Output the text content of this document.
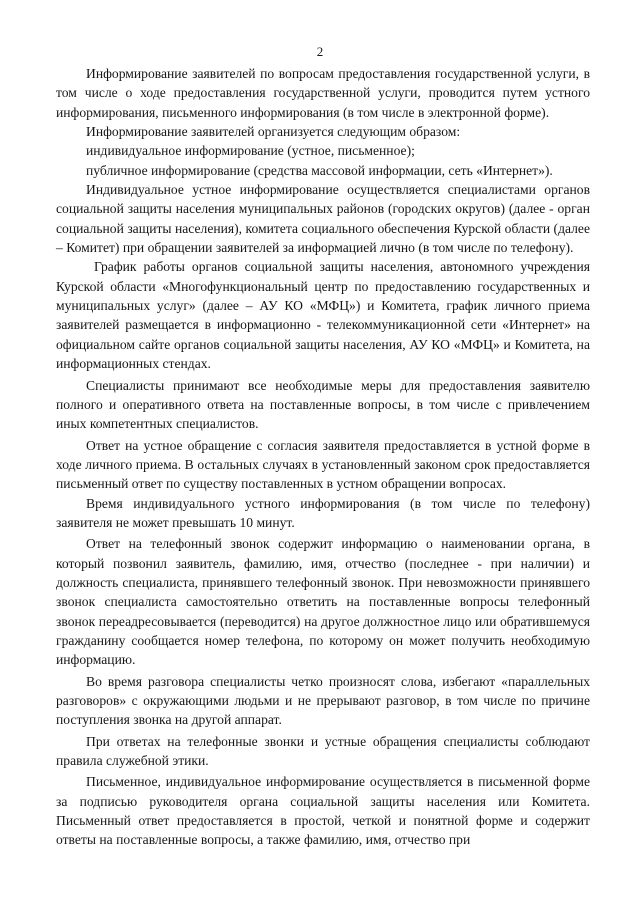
2

Информирование заявителей по вопросам предоставления государственной услуги, в том числе о ходе предоставления государственной услуги, проводится путем устного информирования, письменного информирования (в том числе в электронной форме).

Информирование заявителей организуется следующим образом:

индивидуальное информирование (устное, письменное);

публичное информирование (средства массовой информации, сеть «Интернет»).

Индивидуальное устное информирование осуществляется специалистами органов социальной защиты населения муниципальных районов (городских округов) (далее - орган социальной защиты населения), комитета социального обеспечения Курской области (далее – Комитет) при обращении заявителей за информацией лично (в том числе по телефону).

График работы органов социальной защиты населения, автономного учреждения Курской области «Многофункциональный центр по предоставлению государственных и муниципальных услуг» (далее – АУ КО «МФЦ») и Комитета, график личного приема заявителей размещается в информационно - телекоммуникационной сети «Интернет» на официальном сайте органов социальной защиты населения, АУ КО «МФЦ» и Комитета, на информационных стендах.

Специалисты принимают все необходимые меры для предоставления заявителю полного и оперативного ответа на поставленные вопросы, в том числе с привлечением иных компетентных специалистов.

Ответ на устное обращение с согласия заявителя предоставляется в устной форме в ходе личного приема. В остальных случаях в установленный законом срок предоставляется письменный ответ по существу поставленных в устном обращении вопросах.

Время индивидуального устного информирования (в том числе по телефону) заявителя не может превышать 10 минут.

Ответ на телефонный звонок содержит информацию о наименовании органа, в который позвонил заявитель, фамилию, имя, отчество (последнее - при наличии) и должность специалиста, принявшего телефонный звонок. При невозможности принявшего звонок специалиста самостоятельно ответить на поставленные вопросы телефонный звонок переадресовывается (переводится) на другое должностное лицо или обратившемуся гражданину сообщается номер телефона, по которому он может получить необходимую информацию.

Во время разговора специалисты четко произносят слова, избегают «параллельных разговоров» с окружающими людьми и не прерывают разговор, в том числе по причине поступления звонка на другой аппарат.

При ответах на телефонные звонки и устные обращения специалисты соблюдают правила служебной этики.

Письменное, индивидуальное информирование осуществляется в письменной форме за подписью руководителя органа социальной защиты населения или Комитета. Письменный ответ предоставляется в простой, четкой и понятной форме и содержит ответы на поставленные вопросы, а также фамилию, имя, отчество при
